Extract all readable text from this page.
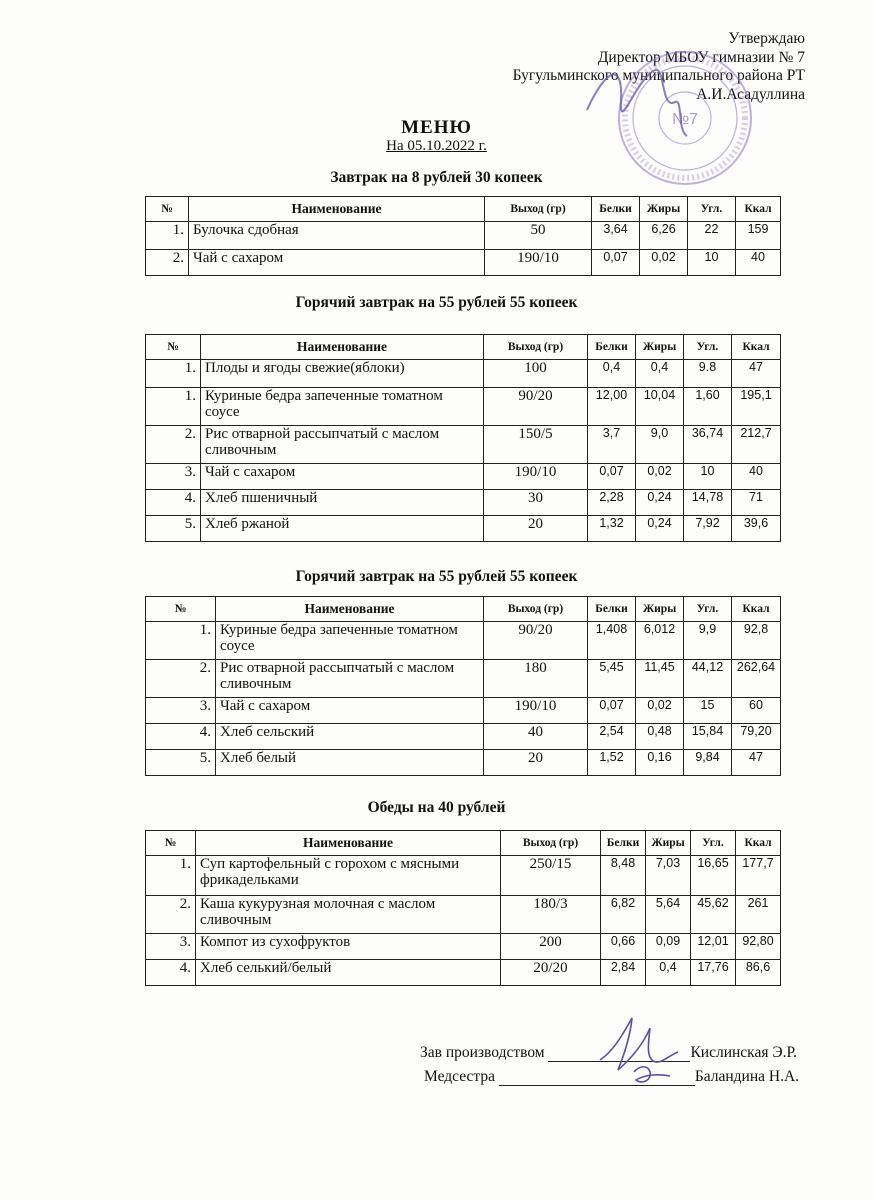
Утверждаю
Директор МБОУ гимназии № 7
Бугульминского муниципального района РТ
А.И.Асадуллина
№7
МЕНЮ
На 05.10.2022 г.
Завтрак на 8 рублей 30 копеек
№	Наименование	Выход (гр)	Белки	Жиры	Угл.	Ккал
1.	Булочка сдобная	50	3,64	6,26	22	159
2.	Чай с сахаром	190/10	0,07	0,02	10	40
Горячий завтрак на 55 рублей 55 копеек
№	Наименование	Выход (гр)	Белки	Жиры	Угл.	Ккал
1.	Плоды и ягоды свежие(яблоки)	100	0,4	0,4	9.8	47
1.	Куриные бедра запеченные томатном соусе	90/20	12,00	10,04	1,60	195,1
2.	Рис отварной рассыпчатый с маслом сливочным	150/5	3,7	9,0	36,74	212,7
3.	Чай с сахаром	190/10	0,07	0,02	10	40
4.	Хлеб пшеничный	30	2,28	0,24	14,78	71
5.	Хлеб ржаной	20	1,32	0,24	7,92	39,6
Горячий завтрак на 55 рублей 55 копеек
№	Наименование	Выход (гр)	Белки	Жиры	Угл.	Ккал
1.	Куриные бедра запеченные томатном соусе	90/20	1,408	6,012	9,9	92,8
2.	Рис отварной рассыпчатый с маслом сливочным	180	5,45	11,45	44,12	262,64
3.	Чай с сахаром	190/10	0,07	0,02	15	60
4.	Хлеб сельский	40	2,54	0,48	15,84	79,20
5.	Хлеб белый	20	1,52	0,16	9,84	47
Обеды на 40 рублей
№	Наименование	Выход (гр)	Белки	Жиры	Угл.	Ккал
1.	Суп картофельный с горохом с мясными фрикадельками	250/15	8,48	7,03	16,65	177,7
2.	Каша кукурузная молочная с маслом сливочным	180/3	6,82	5,64	45,62	261
3.	Компот из сухофруктов	200	0,66	0,09	12,01	92,80
4.	Хлеб селький/белый	20/20	2,84	0,4	17,76	86,6
Зав производством	Кислинская Э.Р.
Медсестра	Баландина Н.А.
